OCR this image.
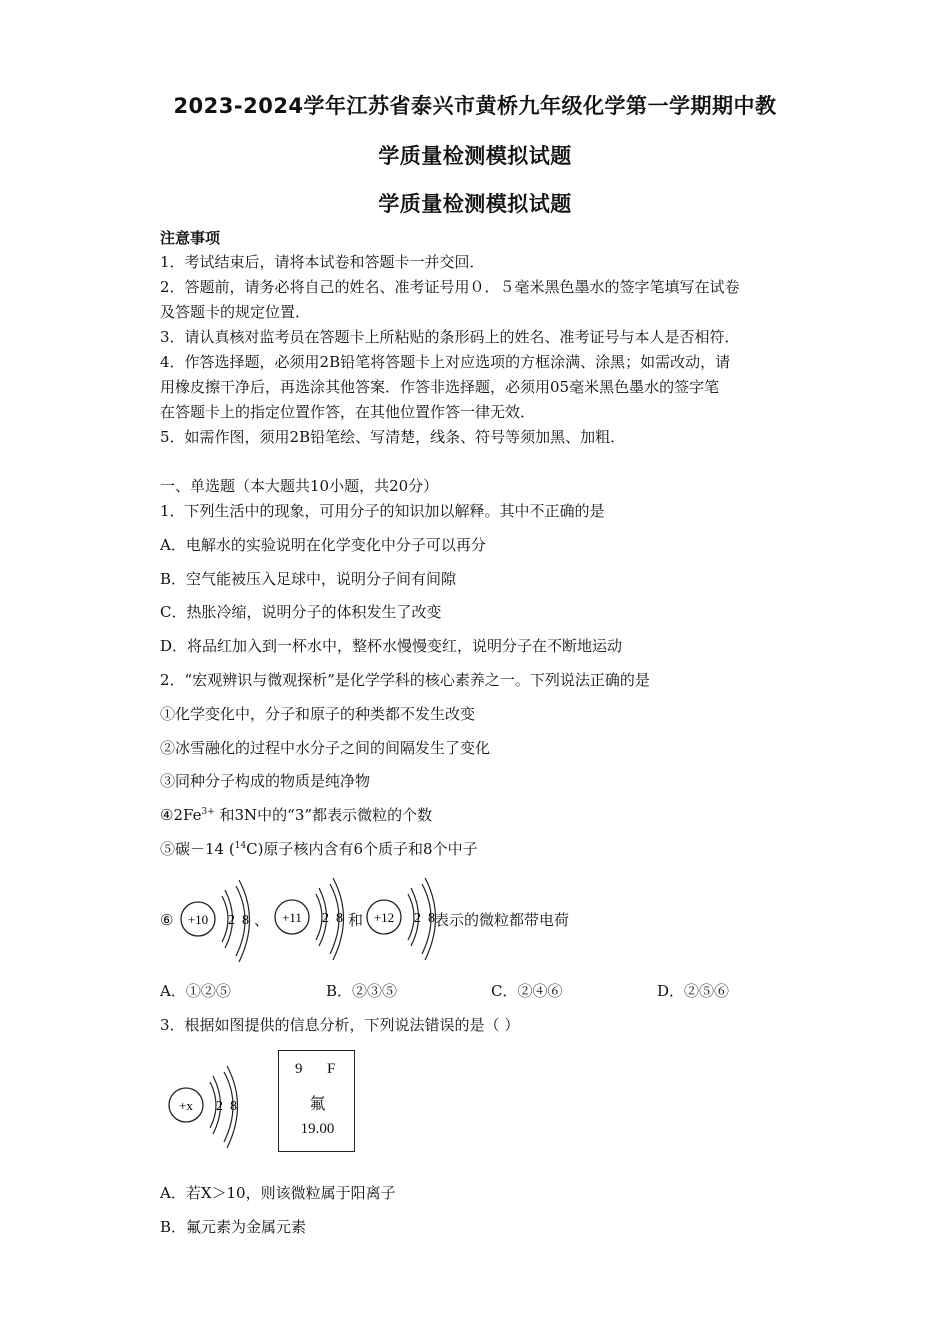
2023-2024学年江苏省泰兴市黄桥九年级化学第一学期期中教
学质量检测模拟试题
学质量检测模拟试题
注意事项
1．考试结束后，请将本试卷和答题卡一并交回．
2．答题前，请务必将自己的姓名、准考证号用０．５毫米黑色墨水的签字笔填写在试卷
及答题卡的规定位置．
3．请认真核对监考员在答题卡上所粘贴的条形码上的姓名、准考证号与本人是否相符．
4．作答选择题，必须用2B铅笔将答题卡上对应选项的方框涂满、涂黑；如需改动，请
用橡皮擦干净后，再选涂其他答案．作答非选择题，必须用05毫米黑色墨水的签字笔
在答题卡上的指定位置作答，在其他位置作答一律无效．
5．如需作图，须用2B铅笔绘、写清楚，线条、符号等须加黑、加粗．
一、单选题（本大题共10小题，共20分）
1．下列生活中的现象，可用分子的知识加以解释。其中不正确的是
A．电解水的实验说明在化学变化中分子可以再分
B．空气能被压入足球中，说明分子间有间隙
C．热胀冷缩，说明分子的体积发生了改变
D．将品红加入到一杯水中，整杯水慢慢变红，说明分子在不断地运动
2．“宏观辨识与微观探析”是化学学科的核心素养之一。下列说法正确的是
①化学变化中，分子和原子的种类都不发生改变
②冰雪融化的过程中水分子之间的间隔发生了变化
③同种分子构成的物质是纯净物
$④2Fe^{3+}$ 和3N中的“3”都表示微粒的个数
⑤碳－14 ($^{14}$C)原子核内含有6个质子和8个中子
⑥ +10 2 8 、 +11 2 8 和 +12 2 8 表示的微粒都带电荷
A．①②⑤	B．②③⑤	C．②④⑥	D．②⑤⑥
3．根据如图提供的信息分析，下列说法错误的是（ ）
+x 2 8
9 F
氟
19.00
A．若X＞10，则该微粒属于阳离子
B．氟元素为金属元素
